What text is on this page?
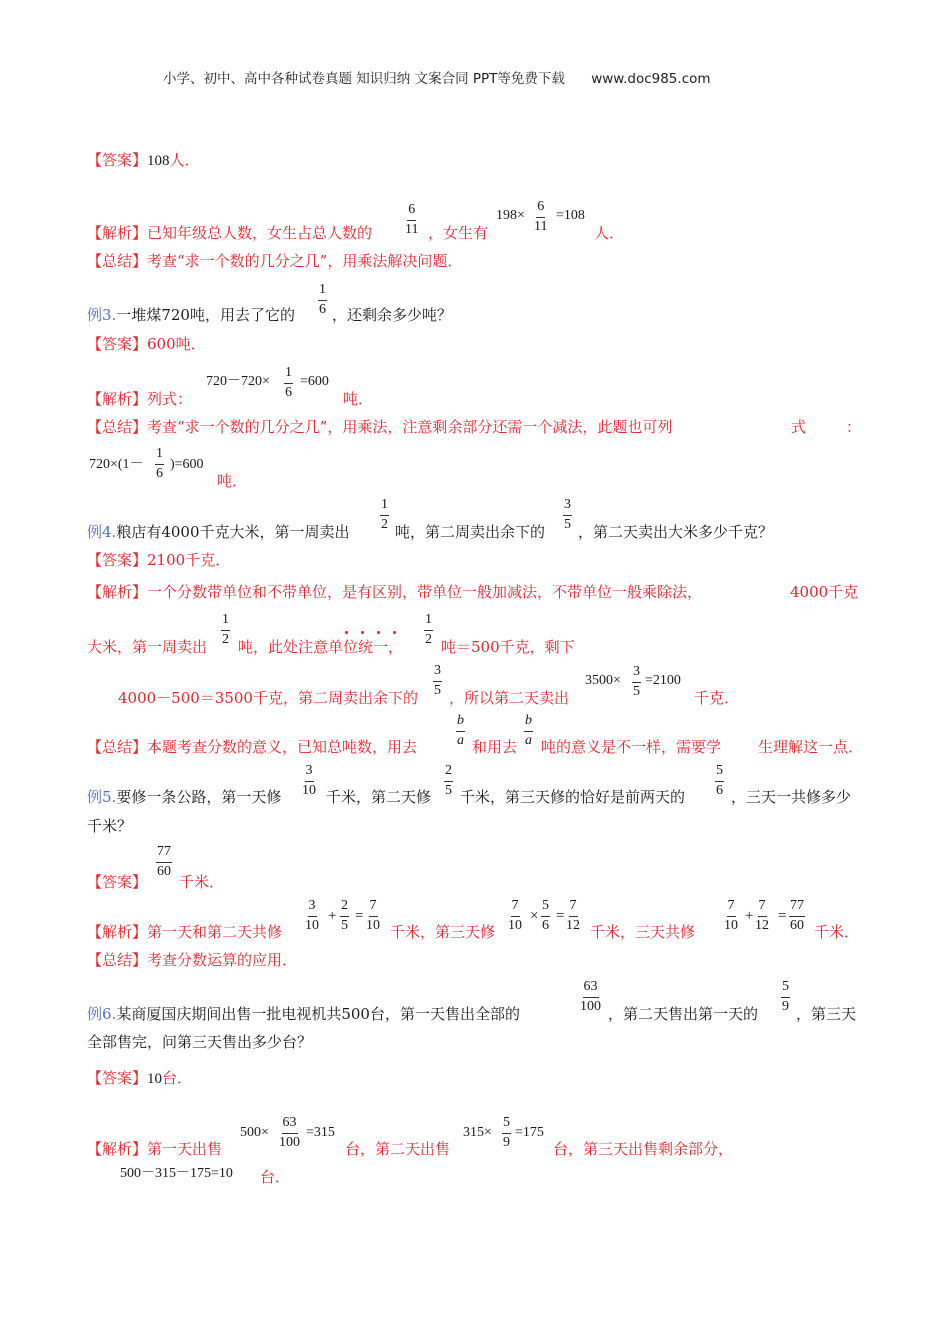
小学、初中、高中各种试卷真题 知识归纳 文案合同 PPT等免费下载 www.doc985.com
【答案】108人．
【解析】已知年级总人数，女生占总人数的 $\frac{6}{11}$ ，女生有
$198\times \frac{6}{11} =108$
人．
【总结】考查“求一个数的几分之几”，用乘法解决问题．
例3.一堆煤720吨，用去了它的 $\frac{1}{6}$ ，还剩余多少吨？
【答案】600吨．
【解析】列式：
$720-720\times \frac{1}{6} =600$
吨．
【总结】考查“求一个数的几分之几”，用乘法，注意剩余部分还需一个减法，此题也可列	式	：
$720\times(1- \frac{1}{6} )=600$
吨．
例4.粮店有4000千克大米，第一周卖出 $\frac{1}{2}$ 吨，第二周卖出余下的 $\frac{3}{5}$ ，第二天卖出大米多少千克？
【答案】2100千克．
【解析】一个分数带单位和不带单位，是有区别，带单位一般加减法，不带单位一般乘除法，	4000千克
大米，第一周卖出 $\frac{1}{2}$ 吨，此处注意单位统一， $\frac{1}{2}$ 吨＝500千克，剩下
4000－500＝3500千克，第二周卖出余下的 $\frac{3}{5}$ ，所以第二天卖出
$3500\times \frac{3}{5} =2100$
千克．
【总结】本题考查分数的意义，已知总吨数，用去	$\frac{b}{a}$ 和用去 $\frac{b}{a}$ 吨的意义是不一样，需要学 生理解这一点．
例5.要修一条公路，第一天修 $\frac{3}{10}$ 千米，第二天修 $\frac{2}{5}$ 千米，第三天修的恰好是前两天的 $\frac{5}{6}$ ，三天一共修多少
千米？
【答案】
$\frac{77}{60}$
千米．
【解析】第一天和第二天共修 $\frac{3}{10} + \frac{2}{5} = \frac{7}{10}$ 千米，第三天修 $\frac{7}{10} \times \frac{5}{6} = \frac{7}{12}$ 千米，三天共修 $\frac{7}{10} + \frac{7}{12} = \frac{77}{60}$ 千米．
【总结】考查分数运算的应用．
例6.某商厦国庆期间出售一批电视机共500台，第一天售出全部的	$\frac{63}{100}$ ，第二天售出第一天的 $\frac{5}{9}$ ，第三天
全部售完，问第三天售出多少台？
【答案】10台．
【解析】第一天出售
$500\times \frac{63}{100} =315$
台，第二天出售
$315\times \frac{5}{9} =175$
台，第三天出售剩余部分，
500－315－175=10 台．
